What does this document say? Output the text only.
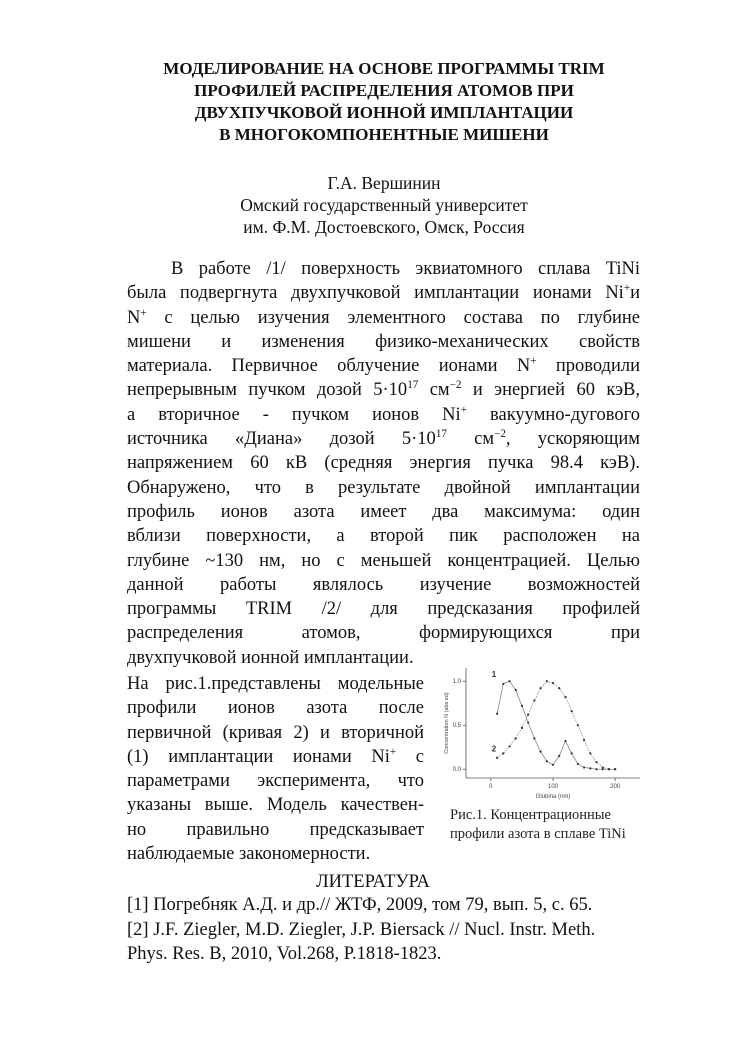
МОДЕЛИРОВАНИЕ НА ОСНОВЕ ПРОГРАММЫ TRIM
ПРОФИЛЕЙ РАСПРЕДЕЛЕНИЯ АТОМОВ ПРИ
ДВУХПУЧКОВОЙ ИОННОЙ ИМПЛАНТАЦИИ
В МНОГОКОМПОНЕНТНЫЕ МИШЕНИ
Г.А. Вершинин
Омский государственный университет
им. Ф.М. Достоевского, Омск, Россия
В работе /1/ поверхность эквиатомного сплава TiNi
была подвергнута двухпучковой имплантации ионами Ni+и
N+ с целью изучения элементного состава по глубине
мишени и изменения физико-механических свойств
материала. Первичное облучение ионами N+ проводили
непрерывным пучком дозой $5\cdot 10^{17}$ $см^{-2}$ и энергией 60 кэВ,
а вторичное - пучком ионов Ni+ вакуумно-дугового
источника «Диана» дозой $5\cdot 10^{17}$ $см^{-2}$, ускоряющим
напряжением 60 кВ (средняя энергия пучка 98.4 кэВ).
Обнаружено, что в результате двойной имплантации
профиль ионов азота имеет два максимума: один
вблизи поверхности, а второй пик расположен на
глубине ~130 нм, но с меньшей концентрацией. Целью
данной работы являлось изучение возможностей
программы TRIM /2/ для предсказания профилей
распределения атомов, формирующихся при
двухпучковой ионной имплантации.
На рис.1.представлены модельные
профили ионов азота после
первичной (кривая 2) и вторичной
(1) имплантации ионами Ni+ с
параметрами эксперимента, что
указаны выше. Модель качествен-
но правильно предсказывает
наблюдаемые закономерности.
0	100	200
0.0
0.5
1.0
Glubina (nm)
Concentration N (abs.ed)
1
2
Рис.1. Концентрационные
профили азота в сплаве TiNi
ЛИТЕРАТУРА
[1] Погребняк А.Д. и др.// ЖТФ, 2009, том 79, вып. 5, с. 65.
[2] J.F. Ziegler, M.D. Ziegler, J.P. Biersack // Nucl. Instr. Meth.
Phys. Res. B, 2010, Vol.268, P.1818-1823.
